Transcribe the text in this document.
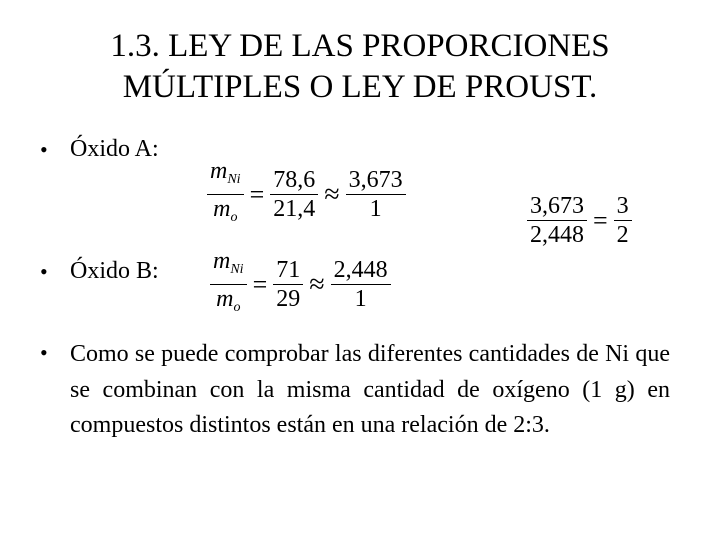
1.3. LEY DE LAS PROPORCIONES
MÚLTIPLES O LEY DE PROUST.
• Óxido A:
$\frac{m_{Ni}}{m_o} = \frac{78,6}{21,4} \approx \frac{3,673}{1}$	$\frac{3,673}{2,448} = \frac{3}{2}$
• Óxido B: $\frac{m_{Ni}}{m_o} = \frac{71}{29} \approx \frac{2,448}{1}$
• Como se puede comprobar las diferentes cantidades de Ni que se combinan con la misma cantidad de oxígeno (1 g) en compuestos distintos están en una relación de 2:3.
